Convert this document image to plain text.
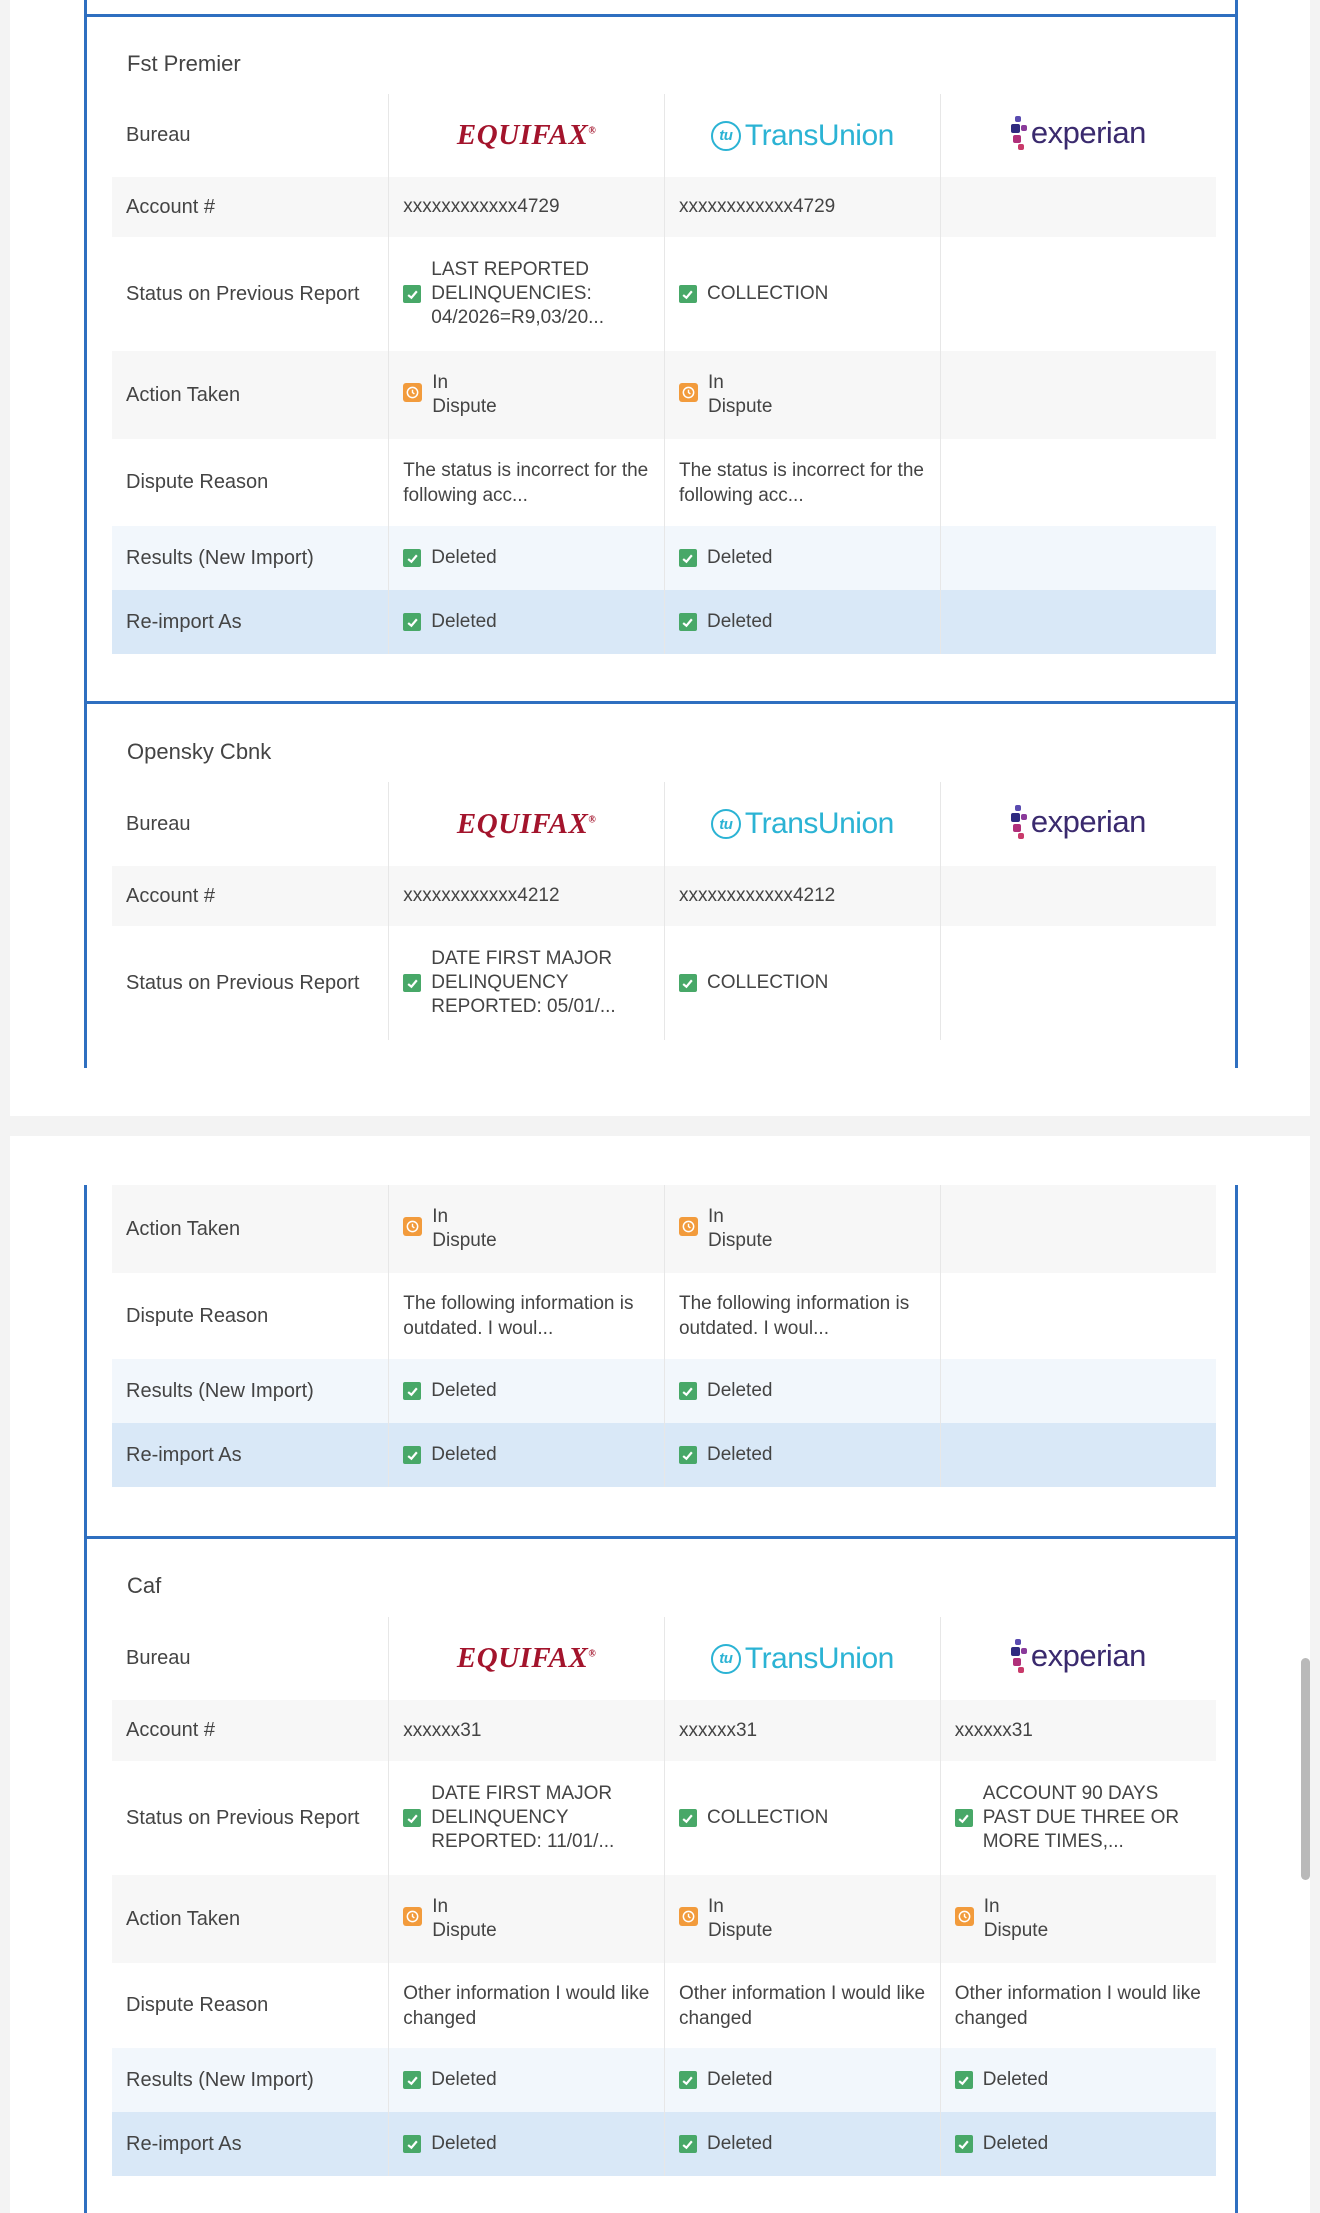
Fst Premier
Bureau	EQUIFAX®	tu TransUnion	experian

Account #	xxxxxxxxxxxx4729	xxxxxxxxxxxx4729	
Status on Previous Report	LAST REPORTED DELINQUENCIES: 04/2026=R9,03/20...	COLLECTION	

Action Taken	In Dispute	In Dispute	

Dispute Reason	The status is incorrect for the following acc...	The status is incorrect for the following acc...	
Results (New Import)	Deleted	Deleted	

Re-import As	Deleted	Deleted	

Opensky Cbnk
Bureau	EQUIFAX®	tu TransUnion	experian

Account #	xxxxxxxxxxxx4212	xxxxxxxxxxxx4212	
Status on Previous Report	DATE FIRST MAJOR DELINQUENCY REPORTED: 05/01/...	COLLECTION	

Action Taken	In Dispute	In Dispute	

Dispute Reason	The following information is outdated. I woul...	The following information is outdated. I woul...	
Results (New Import)	Deleted	Deleted	

Re-import As	Deleted	Deleted	

Caf
Bureau	EQUIFAX®	tu TransUnion	experian

Account #	xxxxxx31	xxxxxx31	xxxxxx31
Status on Previous Report	DATE FIRST MAJOR DELINQUENCY REPORTED: 11/01/...	COLLECTION	ACCOUNT 90 DAYS PAST DUE THREE OR MORE TIMES,...

Action Taken	In Dispute	In Dispute	In Dispute

Dispute Reason	Other information I would like changed	Other information I would like changed	Other information I would like changed
Results (New Import)	Deleted	Deleted	Deleted

Re-import As	Deleted	Deleted	Deleted
